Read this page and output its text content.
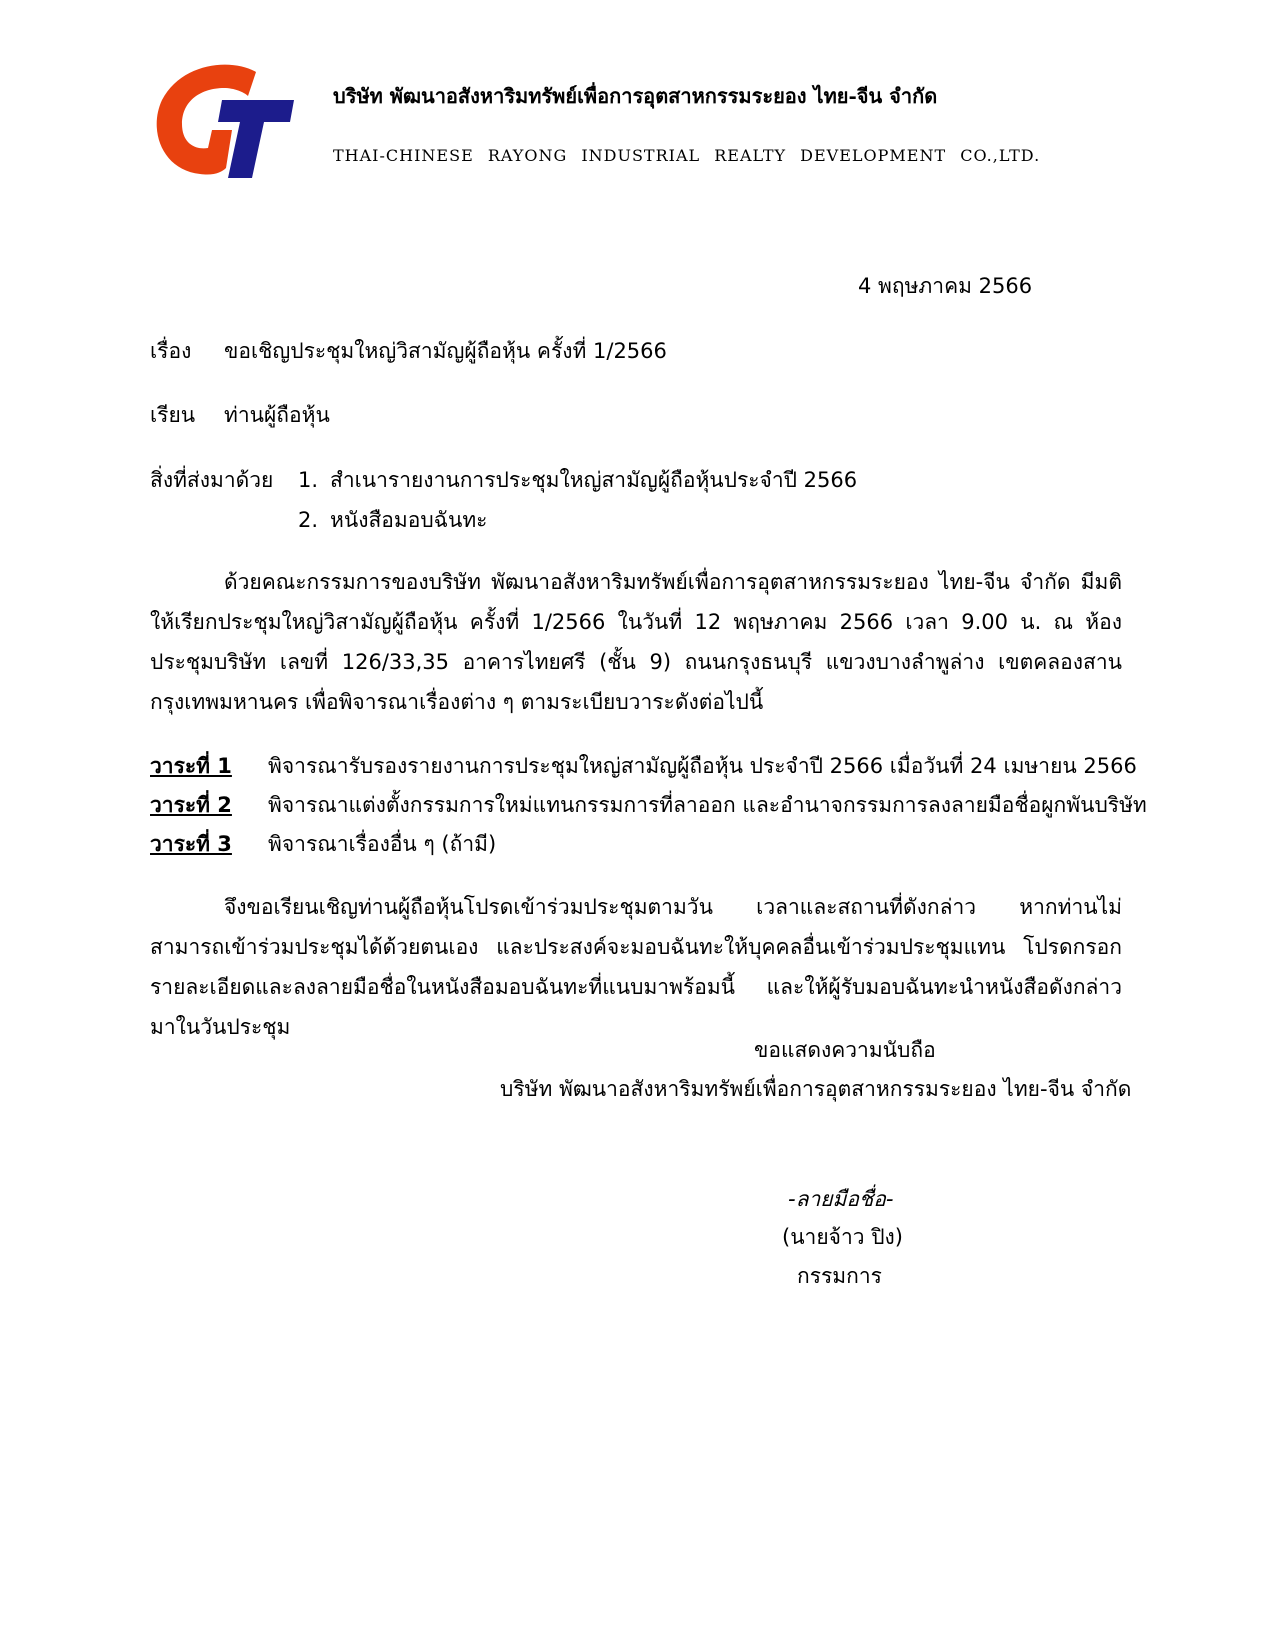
บริษัท พัฒนาอสังหาริมทรัพย์เพื่อการอุตสาหกรรมระยอง ไทย-จีน จำกัด
THAI-CHINESE RAYONG INDUSTRIAL REALTY DEVELOPMENT CO.,LTD.
4 พฤษภาคม 2566
เรื่อง ขอเชิญประชุมใหญ่วิสามัญผู้ถือหุ้น ครั้งที่ 1/2566
เรียน ท่านผู้ถือหุ้น
สิ่งที่ส่งมาด้วย 1. สำเนารายงานการประชุมใหญ่สามัญผู้ถือหุ้นประจำปี 2566
2. หนังสือมอบฉันทะ
ด้วยคณะกรรมการของบริษัท พัฒนาอสังหาริมทรัพย์เพื่อการอุตสาหกรรมระยอง ไทย-จีน จำกัด มีมติให้เรียกประชุมใหญ่วิสามัญผู้ถือหุ้น ครั้งที่ 1/2566 ในวันที่ 12 พฤษภาคม 2566 เวลา 9.00 น. ณ ห้องประชุมบริษัท เลขที่ 126/33,35 อาคารไทยศรี (ชั้น 9) ถนนกรุงธนบุรี แขวงบางลำพูล่าง เขตคลองสาน กรุงเทพมหานคร เพื่อพิจารณาเรื่องต่าง ๆ ตามระเบียบวาระดังต่อไปนี้
วาระที่ 1 พิจารณารับรองรายงานการประชุมใหญ่สามัญผู้ถือหุ้น ประจำปี 2566 เมื่อวันที่ 24 เมษายน 2566
วาระที่ 2 พิจารณาแต่งตั้งกรรมการใหม่แทนกรรมการที่ลาออก และอำนาจกรรมการลงลายมือชื่อผูกพันบริษัท
วาระที่ 3 พิจารณาเรื่องอื่น ๆ (ถ้ามี)
จึงขอเรียนเชิญท่านผู้ถือหุ้นโปรดเข้าร่วมประชุมตามวัน เวลาและสถานที่ดังกล่าว หากท่านไม่สามารถเข้าร่วมประชุมได้ด้วยตนเอง และประสงค์จะมอบฉันทะให้บุคคลอื่นเข้าร่วมประชุมแทน โปรดกรอกรายละเอียดและลงลายมือชื่อในหนังสือมอบฉันทะที่แนบมาพร้อมนี้ และให้ผู้รับมอบฉันทะนำหนังสือดังกล่าวมาในวันประชุม
ขอแสดงความนับถือ
บริษัท พัฒนาอสังหาริมทรัพย์เพื่อการอุตสาหกรรมระยอง ไทย-จีน จำกัด
-ลายมือชื่อ-
(นายจ้าว ปิง)
กรรมการ
